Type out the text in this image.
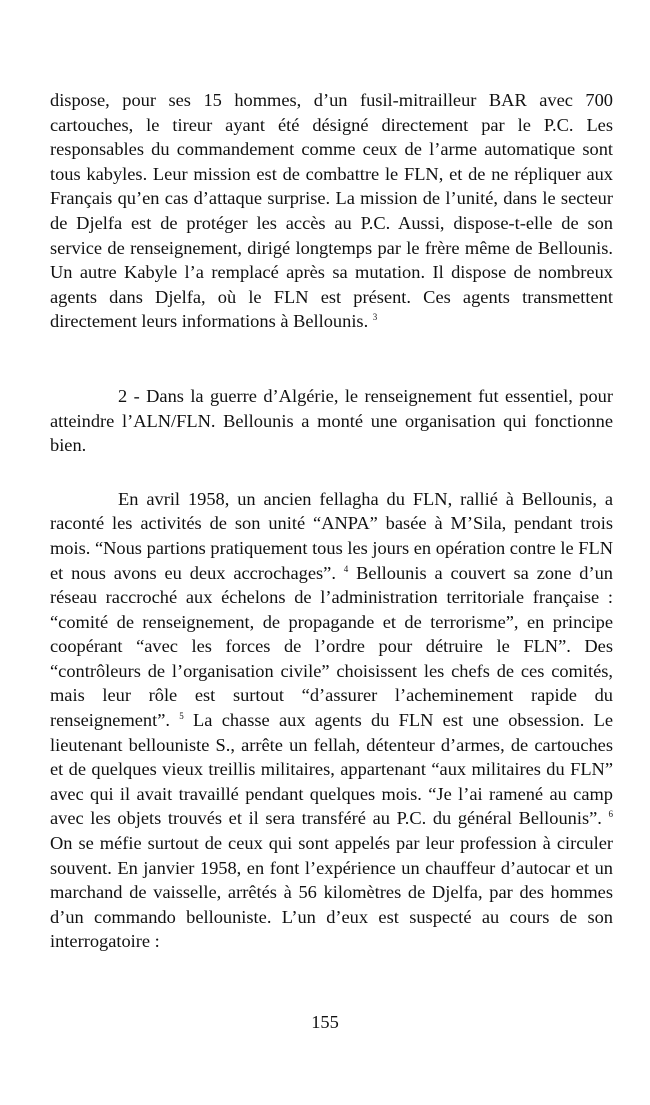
dispose, pour ses 15 hommes, d’un fusil-mitrailleur BAR avec 700 cartouches, le tireur ayant été désigné directement par le P.C. Les responsables du commandement comme ceux de l’arme automatique sont tous kabyles. Leur mission est de combattre le FLN, et de ne répliquer aux Français qu’en cas d’attaque surprise. La mission de l’unité, dans le secteur de Djelfa est de protéger les accès au P.C. Aussi, dispose-t-elle de son service de renseignement, dirigé longtemps par le frère même de Bellounis. Un autre Kabyle l’a remplacé après sa mutation. Il dispose de nombreux agents dans Djelfa, où le FLN est présent. Ces agents transmettent directement leurs informations à Bellounis. $^3$

2 - Dans la guerre d’Algérie, le renseignement fut essentiel, pour atteindre l’ALN/FLN. Bellounis a monté une organisation qui fonctionne bien.

En avril 1958, un ancien fellagha du FLN, rallié à Bellounis, a raconté les activités de son unité “ANPA” basée à M’Sila, pendant trois mois. “Nous partions pratiquement tous les jours en opération contre le FLN et nous avons eu deux accrochages”. $^4$ Bellounis a couvert sa zone d’un réseau raccroché aux échelons de l’administration territoriale française : “comité de renseignement, de propagande et de terrorisme”, en principe coopérant “avec les forces de l’ordre pour détruire le FLN”. Des “contrôleurs de l’organisation civile” choisissent les chefs de ces comités, mais leur rôle est surtout “d’assurer l’acheminement rapide du renseignement”. $^5$ La chasse aux agents du FLN est une obsession. Le lieutenant bellouniste S., arrête un fellah, détenteur d’armes, de cartouches et de quelques vieux treillis militaires, appartenant “aux militaires du FLN” avec qui il avait travaillé pendant quelques mois. “Je l’ai ramené au camp avec les objets trouvés et il sera transféré au P.C. du général Bellounis”. $^6$ On se méfie surtout de ceux qui sont appelés par leur profession à circuler souvent. En janvier 1958, en font l’expérience un chauffeur d’autocar et un marchand de vaisselle, arrêtés à 56 kilomètres de Djelfa, par des hommes d’un commando bellouniste. L’un d’eux est suspecté au cours de son interrogatoire :

155
